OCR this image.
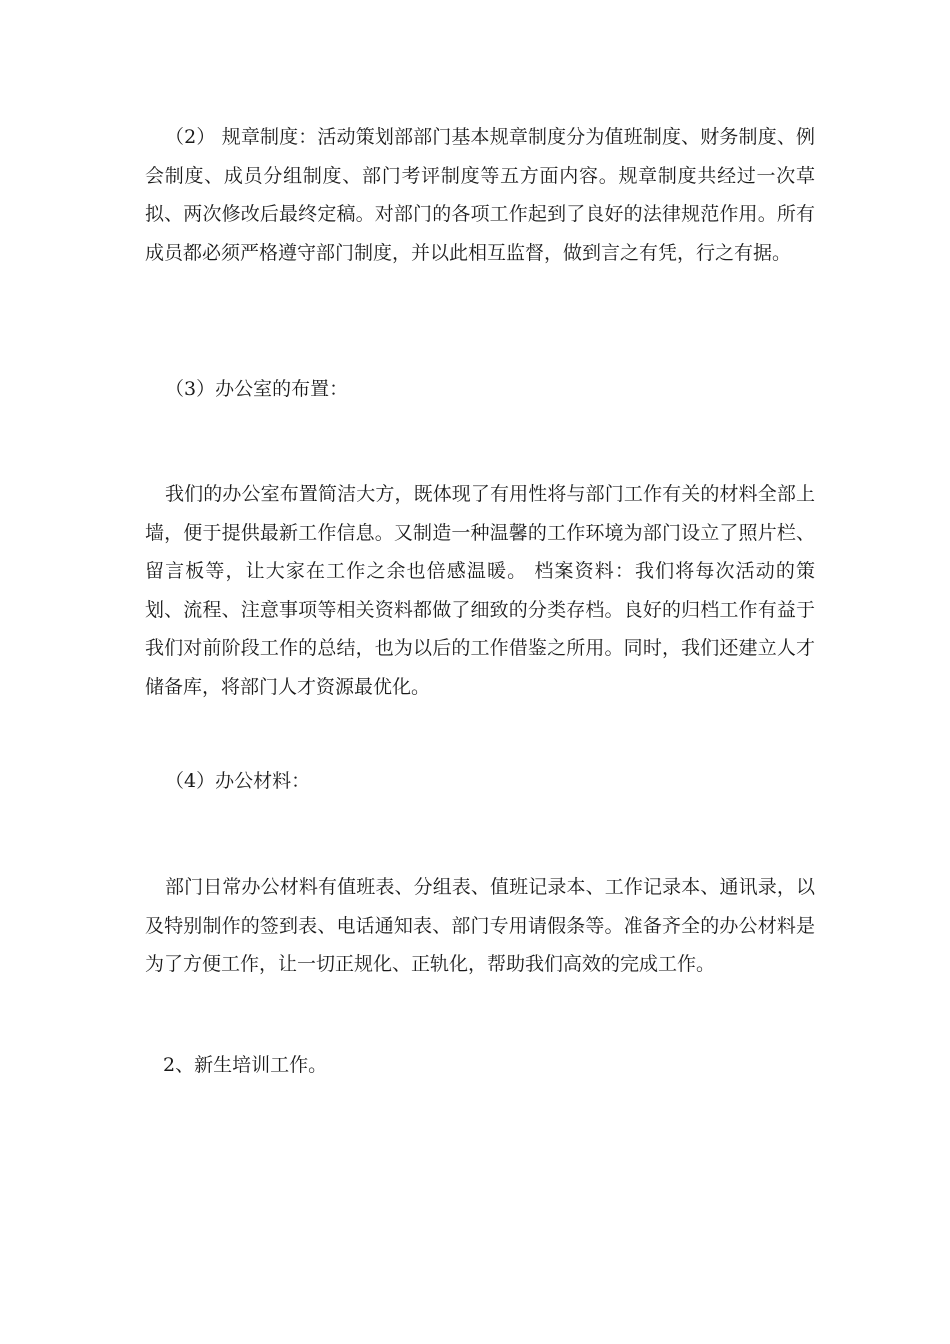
（2） 规章制度：活动策划部部门基本规章制度分为值班制度、财务制度、例会制度、成员分组制度、部门考评制度等五方面内容。规章制度共经过一次草拟、两次修改后最终定稿。对部门的各项工作起到了良好的法律规范作用。所有成员都必须严格遵守部门制度，并以此相互监督，做到言之有凭，行之有据。

（3）办公室的布置：

我们的办公室布置简洁大方，既体现了有用性将与部门工作有关的材料全部上墙，便于提供最新工作信息。又制造一种温馨的工作环境为部门设立了照片栏、留言板等，让大家在工作之余也倍感温暖。 档案资料：我们将每次活动的策划、流程、注意事项等相关资料都做了细致的分类存档。良好的归档工作有益于我们对前阶段工作的总结，也为以后的工作借鉴之所用。同时，我们还建立人才储备库，将部门人才资源最优化。

（4）办公材料：

部门日常办公材料有值班表、分组表、值班记录本、工作记录本、通讯录，以及特别制作的签到表、电话通知表、部门专用请假条等。准备齐全的办公材料是为了方便工作，让一切正规化、正轨化，帮助我们高效的完成工作。

2、新生培训工作。
